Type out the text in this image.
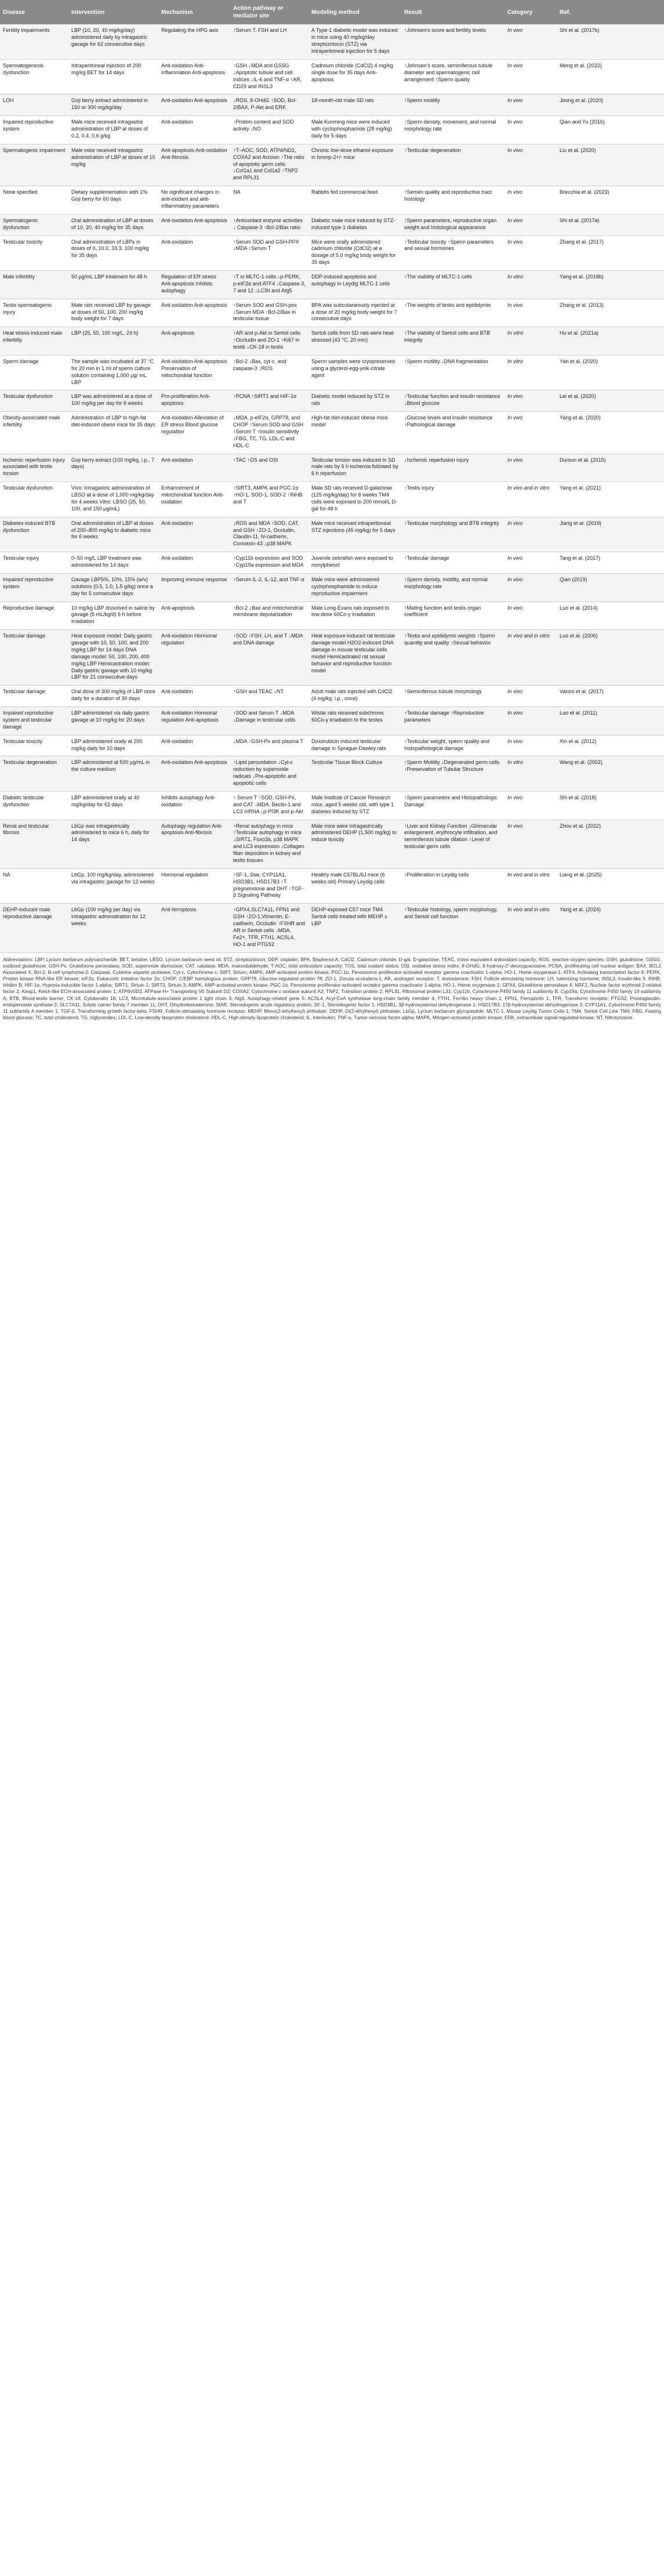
Disease	Intervention	Mechanism	Action pathway or mediator site	Modeling method	Result	Category	Ref.
Fertility impairments	LBP (10, 20, 40 mg/kg/day) administered daily by intragastric gavage for 62 consecutive days	Regulating the HPG axis	↑Serum T, FSH and LH	A Type-1 diabetic model was induced in mice using 40 mg/kg/day streptozotocin (STZ) via intraperitoneal injection for 5 days	↑Johnsen's score and fertility levels	In vivo	Shi et al. (2017b)
Spermatogenesis dysfunction	Intraperitoneal injection of 200 mg/kg BET for 14 days	Anti-oxidation Anti-inflammation Anti-apoptosis	↑GSH ↓MDA and GSSG ↓Apoptotic tubule and cell indices ↓IL-6 and TNF-α ↑AR, CD29 and INSL3	Cadmium chloride (CdCl2) 4 mg/kg single dose for 35 days Anti-apoptosis	↑Johnsen's score, seminiferous tubule diameter and spermatogenic cell arrangement ↑Sperm quality	In vivo	Meng et al. (2022)
LOH	Goji berry extract administered in 150 or 300 mg/kg/day	Anti-oxidation Anti-apoptosis	↓ROS, 8-OHdG ↑SOD, Bcl-2/BAX, P-Akt and ERK	18-month-old male SD rats	↑Sperm motility	In vivo	Jeong et al. (2020)
Impaired reproductive system	Male mice received intragastric administration of LBP at doses of 0.2, 0.4, 0.6 g/kg	Anti-oxidation	↑Protein content and SOD activity ↓NO	Male Kunming mice were induced with cyclophosphamide (28 mg/kg) daily for 5 days	↑Sperm density, movement, and normal morphology rate	In vivo	Qian and Yu (2016)
Spermatogenic impairment	Male mice received intragastric administration of LBP at doses of 10 mg/kg	Anti-apoptosis Anti-oxidation Anti-fibrosis	↑T–AOC, SOD, ATPd/ND2, COXA2 and Acrosin ↑The ratio of apoptotic germ cells ↓Col1a1 and Col1a2 ↑TNP2 and RPL31	Chronic low-dose ethanol exposure in bmmp-2+/- mice	↑Testicular degeneration	In vivo	Liu et al. (2020)
None specified	Dietary supplementation with 1% Goji berry for 60 days	No significant changes in anti-oxidant and anti-inflammatory parameters	NA	Rabbits fed commercial feed	↑Semen quality and reproductive tract histology	In vivo	Brecchia et al. (2023)
Spermatogenic dysfunction	Oral administration of LBP at doses of 10, 20, 40 mg/kg for 35 days	Anti-oxidation Anti-apoptosis	↑Antioxidant enzyme activities ↓ Caspase-3 ↑Bcl-2/Bax ratio	Diabetic male mice induced by STZ-induced type-1 diabetes	↑Sperm parameters, reproductive organ weight and histological appearance	In vivo	Shi et al. (2017a)
Testicular toxicity	Oral administration of LBPs in doses of 0, 10.0, 33.3, 100 mg/kg for 35 days	Anti-oxidation	↑Serum SOD and GSH-PPX ↓MDA ↑Serum T	Mice were orally administered cadmium chloride (CdCl2) at a dosage of 5.0 mg/kg body weight for 35 days	↑Testicular toxicity ↑Sperm parameters and sexual hormones	In vivo	Zhang et al. (2017)
Male infertility	50 μg/mL LBP treatment for 48 h	Regulation of ER stress Anti-apoptosis Inhibits autophagy	↑T in MLTC-1 cells ↓p-PERK, p-eIF2α and ATF4 ↓Caspase 3, 7 and 12 ↓LC3II and Atg5	DDP-induced apoptosis and autophagy in Leydig MLTC-1 cells	↑The viability of MLTC-1 cells	In vitro	Yang et al. (2018b)
Testis spermatogenic injury	Male rats received LBP by gavage at doses of 50, 100, 200 mg/kg body weight for 7 days	Anti-oxidation Anti-apoptosis	↑Serum SOD and GSH-pox ↓Serum MDA ↑Bcl-2/Bax in testicular tissue	BPA was subcutaneously injected at a dose of 20 mg/kg body weight for 7 consecutive days	↑The weights of testis and epididymis	In vivo	Zhang et al. (2013)
Heat stress-induced male infertility	LBP (25, 50, 100 mg/L, 24 h)	Anti-apoptosis	↑AR and p-Akt in Sertoli cells ↑Occludin and ZO-1 ↑Ki67 in testis ↓CK-18 in testis	Sertoli cells from SD rats were heat-stressed (43 °C, 20 min)	↑The viability of Sertoli cells and BTB integrity	In vitro	Hu et al. (2021a)
Sperm damage	The sample was incubated at 37 °C for 20 min in 1 ml of sperm culture solution containing 1,000 μg/ mL LBP	Anti-oxidation Anti-apoptosis Preservation of mitochondrial function	↑Bcl-2 ↓Bax, cyt-c, and caspase-3 ↓ROS	Sperm samples were cryopreserved using a glycerol-egg-yolk-citrate agent	↑Sperm motility ↓DNA fragmentation	In vitro	Yan et al. (2020)
Testicular dysfunction	LBP was administered at a dose of 100 mg/kg per day for 6 weeks	Pro-proliferation Anti-apoptosis	↑PCNA ↑SIRT1 and HIF-1α	Diabetic model induced by STZ in rats	↑Testicular function and insulin resistance ↓Blood glucose	In vivo	Lei et al. (2020)
Obesity-associated male infertility	Administration of LBP to high-fat diet-induced obese mice for 35 days	Anti-oxidation Alleviation of ER stress Blood glucose regulation	↓MDA, p-eIF2α, GRP78, and CHOP ↑Serum SOD and GSH ↑Serum T ↑Insulin sensitivity ↓FBG, TC, TG, LDL-C and HDL-C	High-fat diet-induced obese mice model	↓Glucose levels and insulin resistance ↑Pathological damage	In vivo	Yang et al. (2020)
Ischemic reperfusion injury associated with testis torsion	Goji berry extract (100 mg/kg, i.p., 7 days)	Anti-oxidation	↑TAC ↑OS and OSI	Testicular torsion was induced in SD male rats by 5 h ischemia followed by 6 h reperfusion	↓Ischemic reperfusion injury	In vivo	Dursun et al. (2015)
Testicular dysfunction	Vivo: Intragastric administration of LBSO at a dose of 1,000 mg/kg/day for 4 weeks Vitro: LBSO (25, 50, 100, and 150 μg/mL)	Enhancement of mitochondrial function Anti-oxidation	↑SIRT3, AMPK and PGC-1α ↑HO-1, SOD-1, SOD-2 ↑INHB and T	Male SD rats received D-galactose (125 mg/kg/day) for 8 weeks TM4 cells were exposed to 200 mmol/L D-gal for 48 h	↑Testis injury	In vivo and in vitro	Yang et al. (2021)
Diabetes-induced BTB dysfunction	Oral administration of LBP at doses of 200–800 mg/kg to diabetic mice for 6 weeks	Anti-oxidation	↓ROS and MDA ↑SOD, CAT, and GSH ↑ZO-1, Occludin, Claudin-11, N-cadherin, Connexin-43 ↓p38 MAPK	Male mice received intraperitoneal STZ injections (45 mg/kg) for 5 days	↑Testicular morphology and BTB integrity	In vivo	Jiang et al. (2019)
Testicular injury	0–50 mg/L LBP treatment was administered for 14 days	Anti-oxidation	↑Cyp11b expression and SOD ↑Cyp19a expression and MDA	Juvenile zebrafish were exposed to nonylphenol	↑Testicular damage	In vivo	Tang et al. (2017)
Impaired reproductive system	Gavage LBP5%, 10%, 15% (w/v) solutions (0.5, 1.0, 1.5 g/kg) once a day for 5 consecutive days	Improving immune response	↑Serum IL-2, IL-12, and TNF-α	Male mice were administered cyclophosphamide to induce reproductive impairment	↑Sperm density, motility, and normal morphology rate	In vivo	Qian (2019)
Reproductive damage	10 mg/kg LBP dissolved in saline by gavage (5 mL/kg/d) 6 h before irradiation	Anti-apoptosis	↑Bcl-2 ↓Bax and mitochondrial membrane depolarization	Male Long-Evans rats exposed to low-dose 60Co-γ irradiation	↑Mating function and testis organ coefficient	In vivo	Luo et al. (2014)
Testicular damage	Heat exposure model: Daily gastric gavage with 10, 50, 100, and 200 mg/kg LBP for 14 days DNA damage model: 50, 100, 200, 400 mg/kg LBP Hemicastration model: Daily gastric gavage with 10 mg/kg LBP for 21 consecutive days	Anti-oxidation Hormonal regulation	↑SOD ↑FSH, LH, and T ↓MDA and DNA damage	Heat exposure-induced rat testicular damage model H2O2-induced DNA damage in mouse testicular cells model Hemicastrated rat sexual behavior and reproductive function model	↑Testis and epididymis weights ↑Sperm quantity and quality ↑Sexual behavior	In vivo and in vitro	Luo et al. (2006)
Testicular damage	Oral dose of 300 mg/kg of LBP once daily for a duration of 30 days	Anti-oxidation	↑GSH and TEAC ↓NT.	Adult male rats injected with CdCl2 (4 mg/kg, i.p., once)	↑Seminiferous tubule morphology	In vivo	Varoni et al. (2017)
Impaired reproductive system and testicular damage	LBP administered via daily gastric gavage at 10 mg/kg for 20 days	Anti-oxidation Hormonal regulation Anti-apoptosis	↑SOD and Serum T ↓MDA ↓Damage in testicular cells	Wistar rats received subchronic 60Co-γ irradiation to the testes	↑Testicular damage ↑Reproductive parameters	In vivo	Luo et al. (2011)
Testicular toxicity	LBP administered orally at 200 mg/kg daily for 10 days	Anti-oxidation	↓MDA ↑GSH-Px and plasma T	Doxorubicin induced testicular damage in Sprague-Dawley rats	↑Testicular weight, sperm quality and histopathological damage	In vivo	Xin et al. (2012)
Testicular degeneration	LBP administered at 500 μg/mL in the culture medium	Anti-oxidation Anti-apoptosis	↑Lipid peroxidation ↓Cyt-c reduction by superoxide radicals ↓Pre-apoptotic and apoptotic cells	Testicular Tissue Block Culture	↑Sperm Motility ↓Degenerated germ cells ↑Preservation of Tubular Structure	In vitro	Wang et al. (2002)
Diabetic testicular dysfunction	LBP administered orally at 40 mg/kg/day for 62 days	Inhibits autophagy Anti-oxidation	↑ Serum T ↑SOD, GSH-Px, and CAT ↓MDA, Beclin-1 and LC3 mRNA ↓p-PI3K and p-Akt	Male Institute of Cancer Research mice, aged 5 weeks old, with type 1 diabetes induced by STZ	↑Sperm parameters and Histopathologic Damage	In vivo	Shi et al. (2018)
Renal and testicular fibrosis	LbGp was intragastrically administered to mice 6 h, daily for 14 days	Autophagy regulation Anti-apoptosis Anti-fibrosis	↑Renal autophagy in mice ↑Testicular autophagy in mice ↓SIRT1, Foxo3a, p38 MAPK and LC3 expression ↓Collagen fiber deposition in kidney and testis tissues	Male mice were intragastrically administered DEHP (1,500 mg/kg) to induce toxicity	↑Liver and Kidney Function ↓Glomerular enlargement, erythrocyte infiltration, and seminiferous tubule dilation ↑Level of testicular germ cells	In vivo	Zhou et al. (2022)
NA	LbGp, 100 mg/kg/day, administered via intragastric gavage for 12 weeks	Hormonal regulation	↑SF-1, Star, CYP11A1, HSD3B1, HSD17B3 ↑T pregnenolone and DHT ↑TGF-β Signaling Pathway	Healthy male C57BL/6J mice (6 weeks old) Primary Leydig cells	↑Proliferation in Leydig cells	In vivo and in vitro	Liang et al. (2025)
DEHP-induced male reproductive damage	LbGp (100 mg/kg per day) via intragastric administration for 12 weeks	Anti-ferroptosis	↑GPX4,SLC7A11, FPN1 and GSH ↑ZO-1,Vimentin, E-cadherin, Occludin ↑FSHR and AR in Sertoli cells ↓MDA, Fe2+, TFR, FTH1, ACSL4, HO-1 and PTGS2	DEHP-exposed C57 mice TM4 Sertoli cells treated with MEHP ± LBP	↑Testicular histology, sperm morphology, and Sertoli cell function	In vivo and in vitro	Yang et al. (2024)
Abbreviations: LBP, Lycium barbarum polysaccharide; BET, betaine; LBSO, Lycium barbarum seed oil; STZ, streptozotocin; DDP, cisplatin; BPA, Bisphenol A; CdCl2, Cadmium chloride; D-gal, D-galactose; TEAC, trolox equivalent antioxidant capacity; ROS, reactive oxygen species; GSH, glutathione; GSSG, oxidized glutathione; GSH-Px, Glutathione peroxidase; SOD, superoxide dismutase; CAT, catalase; MDA, malondialdehyde; T-AOC, total antioxidant capacity; TOS, total oxidant status; OSI, oxidative stress index; 8-OHdG, 8-hydroxy-2'-deoxyguanosine; PCNA, proliferating cell nuclear antigen; BAX, BCL2 Associated X; Bcl-2, B-cell lymphoma-2; Caspase, Cysteine aspartic protease; Cyt-c, Cytochrome c; SIRT, Sirtuin; AMPK, AMP-activated protein kinase; PGC-1α, Peroxisome proliferator-activated receptor gamma coactivator 1-alpha; HO-1, Heme oxygenase-1; ATF4, Activating transcription factor 4; PERK, Protein kinase RNA-like ER kinase; eIF2α, Eukaryotic initiation factor 2α; CHOP, C/EBP homologous protein; GRP78, Glucose-regulated protein 78; ZO-1, Zonula occludens-1; AR, androgen receptor; T, testosterone; FSH, Follicle-stimulating hormone; LH, luteinizing hormone; INSL3, Insulin-like 3; INHB, Inhibin B; HIF-1α, Hypoxia-inducible factor 1-alpha; SIRT1, Sirtuin 1; SIRT3, Sirtuin 3; AMPK, AMP-activated protein kinase; PGC-1α, Peroxisome proliferator-activated receptor gamma coactivator 1-alpha; HO-1, Heme oxygenase-1; GPX4, Glutathione peroxidase 4; NRF2, Nuclear factor erythroid 2-related factor 2; Keap1, Kelch-like ECH-associated protein 1; ATP6V0D2, ATPase H+ Transporting V0 Subunit D2; COXA2, Cytochrome c oxidase subunit A2; TNP2, Transition protein 2; RPL31, Ribosomal protein L31; Cyp11b, Cytochrome P450 family 11 subfamily B; Cyp19a, Cytochrome P450 family 19 subfamily A; BTB, Blood-testis barrier; CK-18, Cytokeratin 18; LC3, Microtubule-associated protein 1 light chain 3; Atg5, Autophagy-related gene 5; ACSL4, Acyl-CoA synthetase long-chain family member 4; FTH1, Ferritin heavy chain 1; FPN1, Ferroportin 1; TFR, Transferrin receptor; PTGS2, Prostaglandin-endoperoxide synthase 2; SLC7A11, Solute carrier family 7 member 11; DHT, Dihydrotestosterone; StAR, Steroidogenic acute regulatory protein; SF-1, Steroidogenic factor 1; HSD3B1, 3β-hydroxysteroid dehydrogenase 1; HSD17B3, 17β-hydroxysteroid dehydrogenase 3; CYP11A1, Cytochrome P450 family 11 subfamily A member 1; TGF-β, Transforming growth factor-beta; FSHR, Follicle-stimulating hormone receptor; MEHP, Mono(2-ethylhexyl) phthalate; DEHP, Di(2-ethylhexyl) phthalate; LbGp, Lycium barbarum glycopeptide; MLTC-1, Mouse Leydig Tumor Cells-1; TM4, Sertoli Cell Line TM4; FBG, Fasting blood glucose; TC, total cholesterol; TG, triglycerides; LDL-C, Low-density lipoprotein cholesterol; HDL-C, High-density lipoprotein cholesterol; IL, interleukin; TNF-α, Tumor necrosis factor-alpha; MAPK, Mitogen-activated protein kinase; ERK, extracellular signal-regulated kinase; NT, Nitrotyrosine.
